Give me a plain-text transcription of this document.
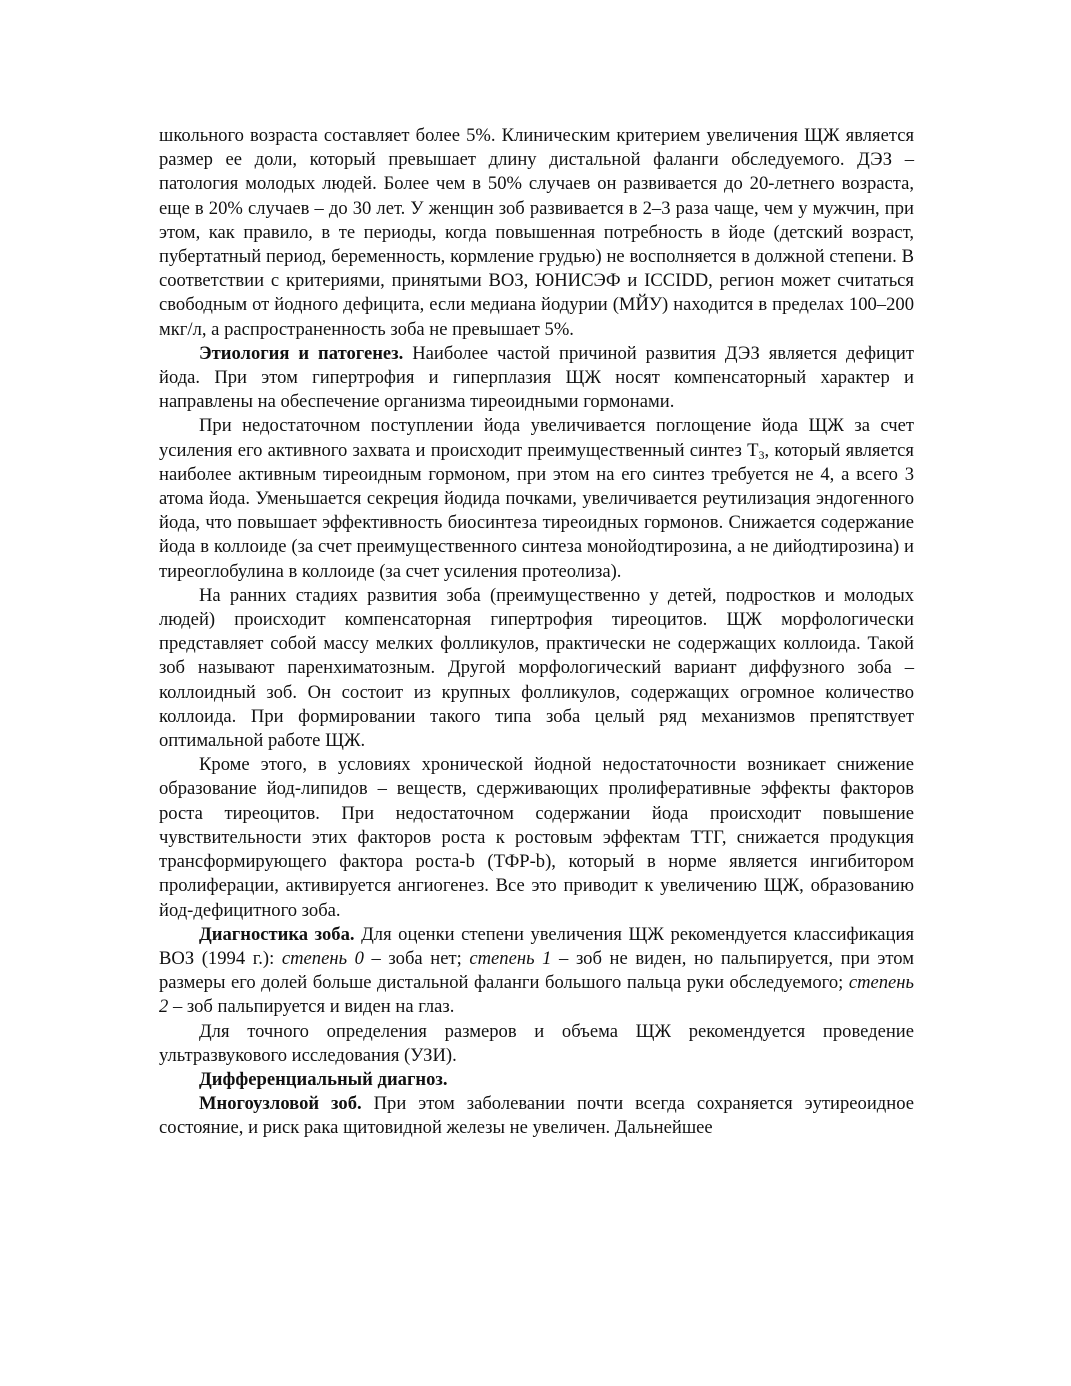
школьного возраста составляет более 5%. Клиническим критерием увеличения ЩЖ является размер ее доли, который превышает длину дистальной фаланги обследуемого. ДЭЗ – патология молодых людей. Более чем в 50% случаев он развивается до 20-летнего возраста, еще в 20% случаев – до 30 лет. У женщин зоб развивается в 2–3 раза чаще, чем у мужчин, при этом, как правило, в те периоды, когда повышенная потребность в йоде (детский возраст, пубертатный период, беременность, кормление грудью) не восполняется в должной степени. В соответствии с критериями, принятыми ВОЗ, ЮНИСЭФ и ICCIDD, регион может считаться свободным от йодного дефицита, если медиана йодурии (МЙУ) находится в пределах 100–200 мкг/л, а распространенность зоба не превышает 5%.

Этиология и патогенез. Наиболее частой причиной развития ДЭЗ является дефицит йода. При этом гипертрофия и гиперплазия ЩЖ носят компенсаторный характер и направлены на обеспечение организма тиреоидными гормонами.

При недостаточном поступлении йода увеличивается поглощение йода ЩЖ за счет усиления его активного захвата и происходит преимущественный синтез $Т_3$, который является наиболее активным тиреоидным гормоном, при этом на его синтез требуется не 4, а всего 3 атома йода. Уменьшается секреция йодида почками, увеличивается реутилизация эндогенного йода, что повышает эффективность биосинтеза тиреоидных гормонов. Снижается содержание йода в коллоиде (за счет преимущественного синтеза монойодтирозина, а не дийодтирозина) и тиреоглобулина в коллоиде (за счет усиления протеолиза).

На ранних стадиях развития зоба (преимущественно у детей, подростков и молодых людей) происходит компенсаторная гипертрофия тиреоцитов. ЩЖ морфологически представляет собой массу мелких фолликулов, практически не содержащих коллоида. Такой зоб называют паренхиматозным. Другой морфологический вариант диффузного зоба – коллоидный зоб. Он состоит из крупных фолликулов, содержащих огромное количество коллоида. При формировании такого типа зоба целый ряд механизмов препятствует оптимальной работе ЩЖ.

Кроме этого, в условиях хронической йодной недостаточности возникает снижение образование йод-липидов – веществ, сдерживающих пролиферативные эффекты факторов роста тиреоцитов. При недостаточном содержании йода происходит повышение чувствительности этих факторов роста к ростовым эффектам ТТГ, снижается продукция трансформирующего фактора роста-b (ТФР-b), который в норме является ингибитором пролиферации, активируется ангиогенез. Все это приводит к увеличению ЩЖ, образованию йод-дефицитного зоба.

Диагностика зоба. Для оценки степени увеличения ЩЖ рекомендуется классификация ВОЗ (1994 г.): степень 0 – зоба нет; степень 1 – зоб не виден, но пальпируется, при этом размеры его долей больше дистальной фаланги большого пальца руки обследуемого; степень 2 – зоб пальпируется и виден на глаз.

Для точного определения размеров и объема ЩЖ рекомендуется проведение ультразвукового исследования (УЗИ).

Дифференциальный диагноз.

Многоузловой зоб. При этом заболевании почти всегда сохраняется эутиреоидное состояние, и риск рака щитовидной железы не увеличен. Дальнейшее
